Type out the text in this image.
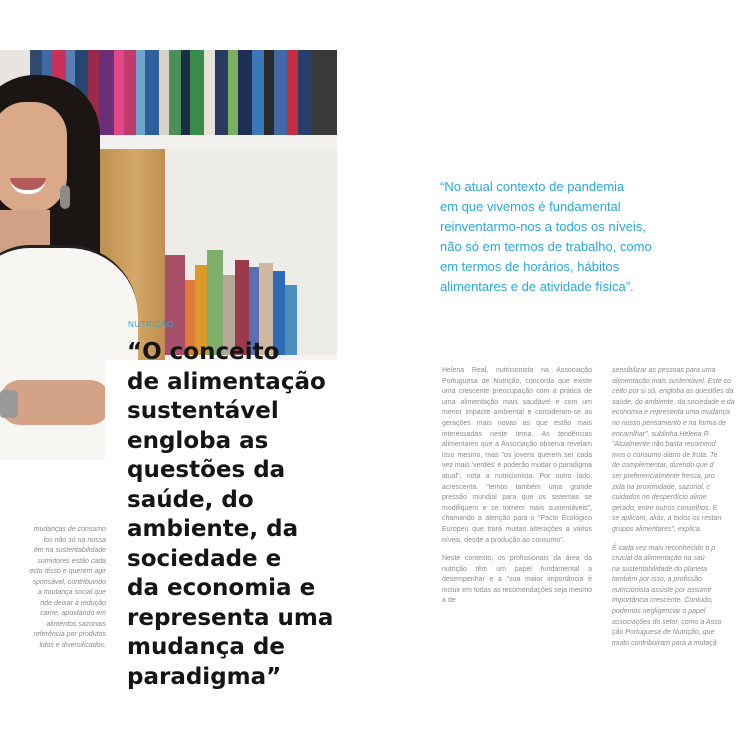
NUTRIÇÃO
“O conceito
de alimentação
sustentável
engloba as
questões da
saúde, do
ambiente, da
sociedade e
da economia e
representa uma
mudança de
paradigma”
mudanças de consumo
los não só na nossa
ém na sustentabilidade
sumidores estão cada
ecto disso e querem agir
sponsável, contribuindo
a mudança social que
nde deixar à redução
carne, apostando em
alimentos sazonais
referência por produtos
lidos e diversificados.

“No atual contexto de pandemia
em que vivemos é fundamental
reinventarmo-nos a todos os níveis,
não só em termos de trabalho, como
em termos de horários, hábitos
alimentares e de atividade física”.

Helena Real, nutricionista na Associação Portuguesa de Nutrição, concorda que existe uma crescente preocupação com a prática de uma alimentação mais saudável e com um menor impacte ambiental e consideram-se as gerações mais novas as que estão mais interessadas neste tema. As tendências alimentares que a Associação observa revelam isso mesmo, mas "os jovens querem ser cada vez mais 'verdes' e poderão mudar o paradigma atual", nota a nutricionista. Por outro lado, acrescenta, "temos também uma grande pressão mundial para que os sistemas se modifiquem e se tornem mais sustentáveis", chamando a atenção para o "Pacto Ecológico Europeu que trará muitas alterações a vários níveis, desde a produção ao consumo".

Neste contexto, os profissionais da área da nutrição têm um papel fundamental a desempenhar e a "sua maior importância é incluir em todas as recomendações seja mesmo a de

sensibilizar as pessoas para uma
alimentação mais sustentável. Este co
ceito por si só, engloba as questões da
saúde, do ambiente, da sociedade e da
economia e representa uma mudança
no nosso pensamento e na forma de
encarrilhar", sublinha Helena R
"Atualmente não basta recomend
mos o consumo diário de fruta. Te
de complementar, dizendo que d
ser preferencialmente fresca, pro
zida na proximidade, sazonal, c
cuidados no desperdício alime
gerado, entre outros conselhos. E
se aplicam, aliás, a todos os restan
grupos alimentares", explica.

É cada vez mais reconhecido o p
crucial da alimentação na saú
na sustentabilidade do planeta
também por isso, a profissão
nutricionista assiste por assumir
importância crescente. Contudo,
podemos negligenciar o papel
associações do setor, como a Asso
ção Portuguesa de Nutrição, que
muito contribuíram para a mutaçã
